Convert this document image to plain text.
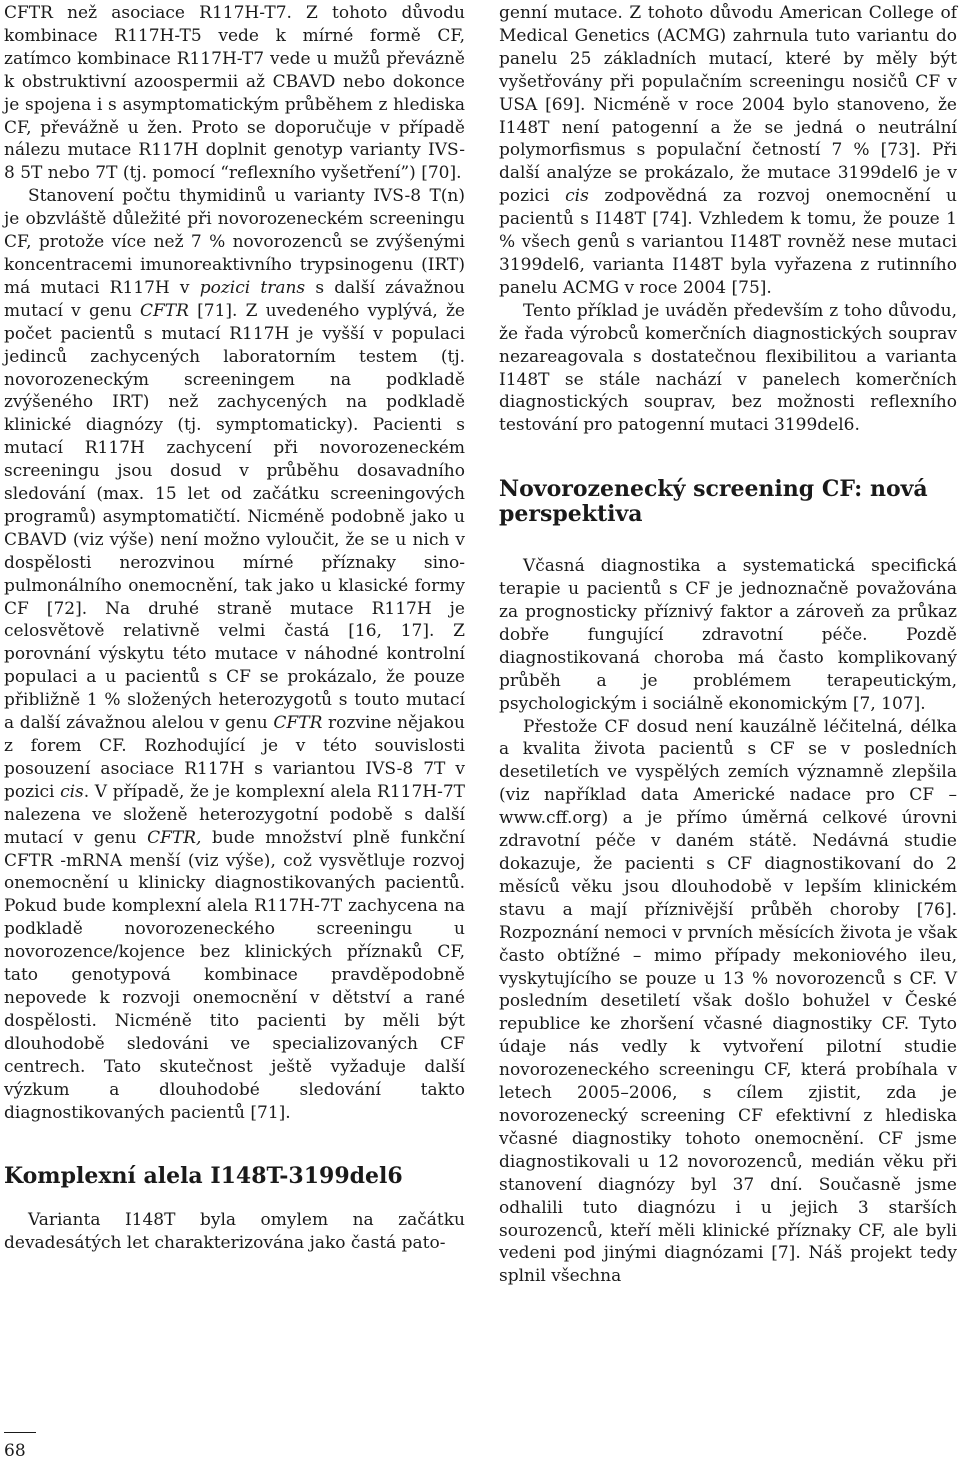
CFTR než asociace R117H-T7. Z tohoto důvodu kombinace R117H-T5 vede k mírné formě CF, zatímco kombinace R117H-T7 vede u mužů převázně k obstruktivní azoospermii až CBAVD nebo dokonce je spojena i s asymptomatickým průběhem z hlediska CF, převážně u žen. Proto se doporučuje v případě nálezu mutace R117H doplnit genotyp varianty IVS-8 5T nebo 7T (tj. pomocí “reflexního vyšetření”) [70].

Stanovení počtu thymidinů u varianty IVS-8 T(n) je obzvláště důležité při novorozeneckém screeningu CF, protože více než 7 % novorozenců se zvýšenými koncentracemi imunoreaktivního trypsinogenu (IRT) má mutaci R117H v pozici trans s další závažnou mutací v genu CFTR [71]. Z uvedeného vyplývá, že počet pacientů s mutací R117H je vyšší v populaci jedinců zachycených laboratorním testem (tj. novorozeneckým screeningem na podkladě zvýšeného IRT) než zachycených na podkladě klinické diagnózy (tj. symptomaticky). Pacienti s mutací R117H zachycení při novorozeneckém screeningu jsou dosud v průběhu dosavadního sledování (max. 15 let od začátku screeningových programů) asymptomatičtí. Nicméně podobně jako u CBAVD (viz výše) není možno vyloučit, že se u nich v dospělosti nerozvinou mírné příznaky sino-pulmonálního onemocnění, tak jako u klasické formy CF [72]. Na druhé straně mutace R117H je celosvětově relativně velmi častá [16, 17]. Z porovnání výskytu této mutace v náhodné kontrolní populaci a u pacientů s CF se prokázalo, že pouze přibližně 1 % složených heterozygotů s touto mutací a další závažnou alelou v genu CFTR rozvine nějakou z forem CF. Rozhodující je v této souvislosti posouzení asociace R117H s variantou IVS-8 7T v pozici cis. V případě, že je komplexní alela R117H-7T nalezena ve složeně heterozygotní podobě s další mutací v genu CFTR, bude množství plně funkční CFTR -mRNA menší (viz výše), což vysvětluje rozvoj onemocnění u klinicky diagnostikovaných pacientů. Pokud bude komplexní alela R117H-7T zachycena na podkladě novorozeneckého screeningu u novorozence/kojence bez klinických příznaků CF, tato genotypová kombinace pravděpodobně nepovede k rozvoji onemocnění v dětství a rané dospělosti. Nicméně tito pacienti by měli být dlouhodobě sledováni ve specializovaných CF centrech. Tato skutečnost ještě vyžaduje další výzkum a dlouhodobé sledování takto diagnostikovaných pacientů [71].

Komplexní alela I148T-3199del6

Varianta I148T byla omylem na začátku devadesátých let charakterizována jako častá pato-

genní mutace. Z tohoto důvodu American College of Medical Genetics (ACMG) zahrnula tuto variantu do panelu 25 základních mutací, které by měly být vyšetřovány při populačním screeningu nosičů CF v USA [69]. Nicméně v roce 2004 bylo stanoveno, že I148T není patogenní a že se jedná o neutrální polymorfismus s populační četností 7 % [73]. Při další analýze se prokázalo, že mutace 3199del6 je v pozici cis zodpovědná za rozvoj onemocnění u pacientů s I148T [74]. Vzhledem k tomu, že pouze 1 % všech genů s variantou I148T rovněž nese mutaci 3199del6, varianta I148T byla vyřazena z rutinního panelu ACMG v roce 2004 [75].

Tento příklad je uváděn především z toho důvodu, že řada výrobců komerčních diagnostických souprav nezareagovala s dostatečnou flexibilitou a varianta I148T se stále nachází v panelech komerčních diagnostických souprav, bez možnosti reflexního testování pro patogenní mutaci 3199del6.

Novorozenecký screening CF: nová perspektiva

Včasná diagnostika a systematická specifická terapie u pacientů s CF je jednoznačně považována za prognosticky příznivý faktor a zároveň za průkaz dobře fungující zdravotní péče. Pozdě diagnostikovaná choroba má často komplikovaný průběh a je problémem terapeutickým, psychologickým i sociálně ekonomickým [7, 107].

Přestože CF dosud není kauzálně léčitelná, délka a kvalita života pacientů s CF se v posledních desetiletích ve vyspělých zemích významně zlepšila (viz například data Americké nadace pro CF – www.cff.org) a je přímo úměrná celkové úrovni zdravotní péče v daném státě. Nedávná studie dokazuje, že pacienti s CF diagnostikovaní do 2 měsíců věku jsou dlouhodobě v lepším klinickém stavu a mají příznivější průběh choroby [76]. Rozpoznání nemoci v prvních měsících života je však často obtížné – mimo případy mekoniového ileu, vyskytujícího se pouze u 13 % novorozenců s CF. V posledním desetiletí však došlo bohužel v České republice ke zhoršení včasné diagnostiky CF. Tyto údaje nás vedly k vytvoření pilotní studie novorozeneckého screeningu CF, která probíhala v letech 2005–2006, s cílem zjistit, zda je novorozenecký screening CF efektivní z hlediska včasné diagnostiky tohoto onemocnění. CF jsme diagnostikovali u 12 novorozenců, medián věku při stanovení diagnózy byl 37 dní. Současně jsme odhalili tuto diagnózu i u jejich 3 starších sourozenců, kteří měli klinické příznaky CF, ale byli vedeni pod jinými diagnózami [7]. Náš projekt tedy splnil všechna

68
